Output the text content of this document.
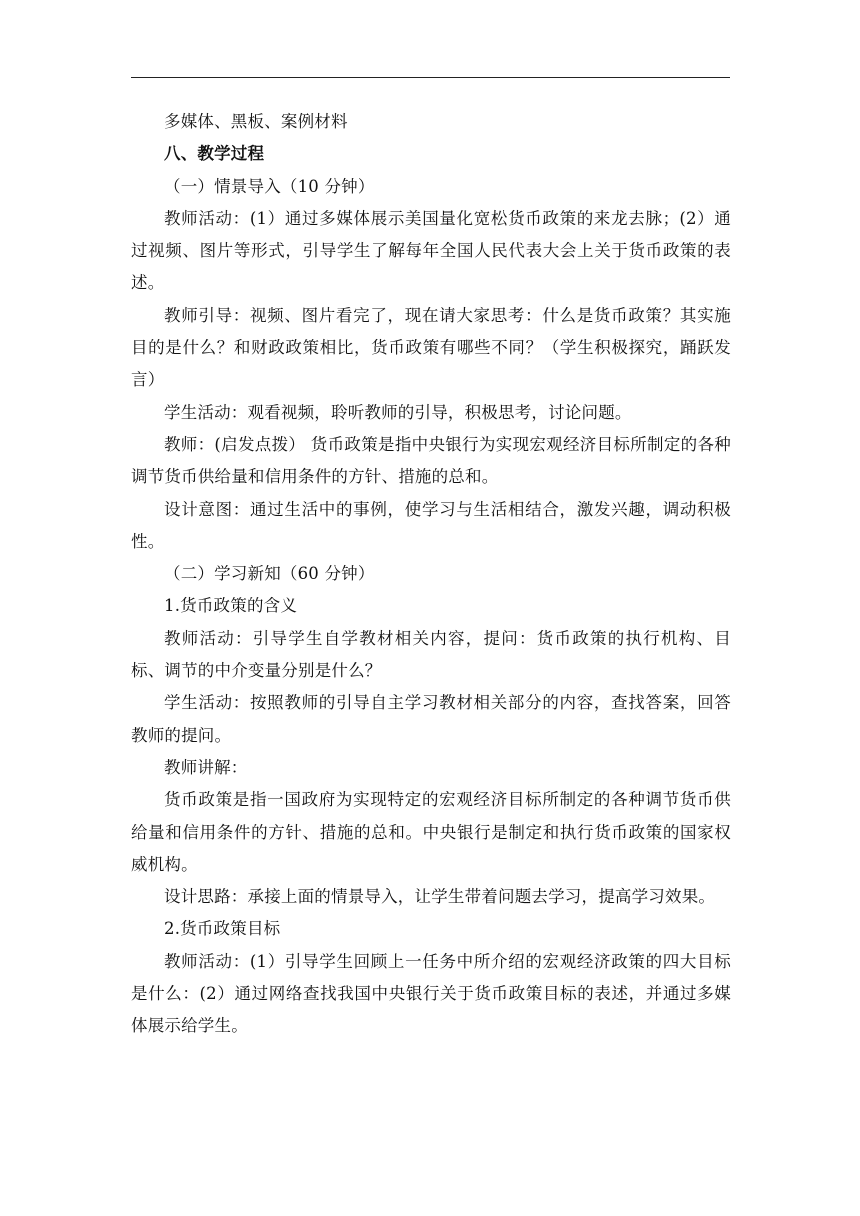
多媒体、黑板、案例材料

八、教学过程

（一）情景导入（10 分钟）

教师活动：(1）通过多媒体展示美国量化宽松货币政策的来龙去脉；(2）通过视频、图片等形式，引导学生了解每年全国人民代表大会上关于货币政策的表述。

教师引导：视频、图片看完了，现在请大家思考：什么是货币政策？其实施目的是什么？和财政政策相比，货币政策有哪些不同？（学生积极探究，踊跃发言）

学生活动：观看视频，聆听教师的引导，积极思考，讨论问题。

教师：(启发点拨） 货币政策是指中央银行为实现宏观经济目标所制定的各种调节货币供给量和信用条件的方针、措施的总和。

设计意图：通过生活中的事例，使学习与生活相结合，激发兴趣，调动积极性。

（二）学习新知（60 分钟）

1.货币政策的含义

教师活动：引导学生自学教材相关内容，提问：货币政策的执行机构、目标、调节的中介变量分别是什么？

学生活动：按照教师的引导自主学习教材相关部分的内容，查找答案，回答教师的提问。

教师讲解：

货币政策是指一国政府为实现特定的宏观经济目标所制定的各种调节货币供给量和信用条件的方针、措施的总和。中央银行是制定和执行货币政策的国家权威机构。

设计思路：承接上面的情景导入，让学生带着问题去学习，提高学习效果。

2.货币政策目标

教师活动：(1）引导学生回顾上一任务中所介绍的宏观经济政策的四大目标是什么：(2）通过网络查找我国中央银行关于货币政策目标的表述，并通过多媒体展示给学生。
